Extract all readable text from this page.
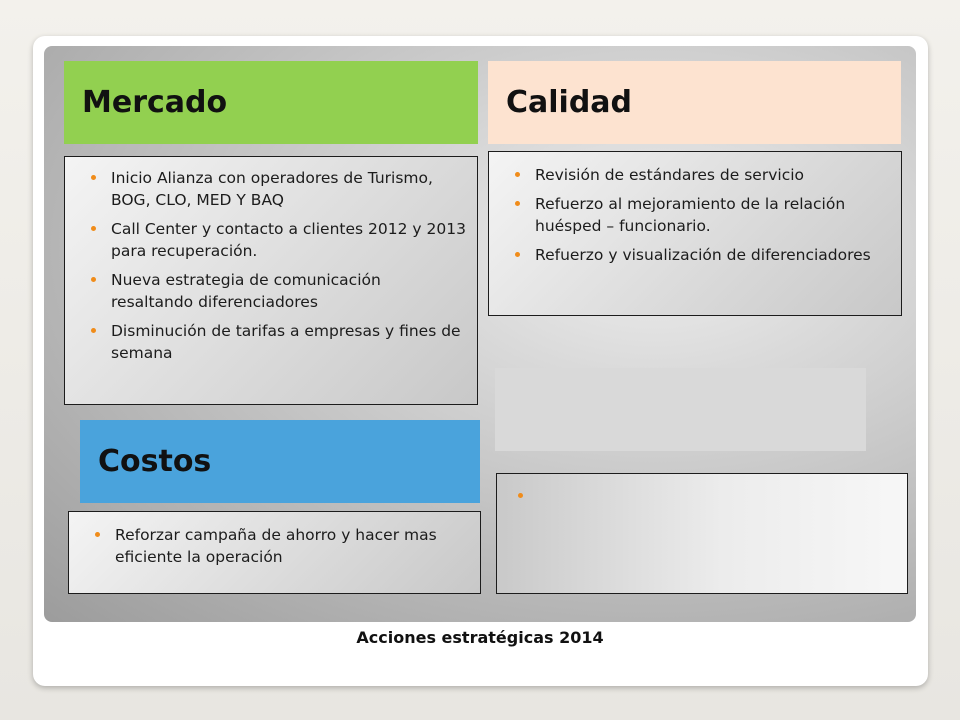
Mercado	Calidad
Inicio Alianza con operadores de Turismo, BOG, CLO, MED Y BAQ
Call Center y contacto a clientes 2012 y 2013 para recuperación.
Nueva estrategia de comunicación resaltando diferenciadores
Disminución de tarifas a empresas y fines de semana
Revisión de estándares de servicio
Refuerzo al mejoramiento de la relación huésped – funcionario.
Refuerzo y visualización de diferenciadores
Costos
Reforzar campaña de ahorro y hacer mas eficiente la operación
Acciones estratégicas 2014
